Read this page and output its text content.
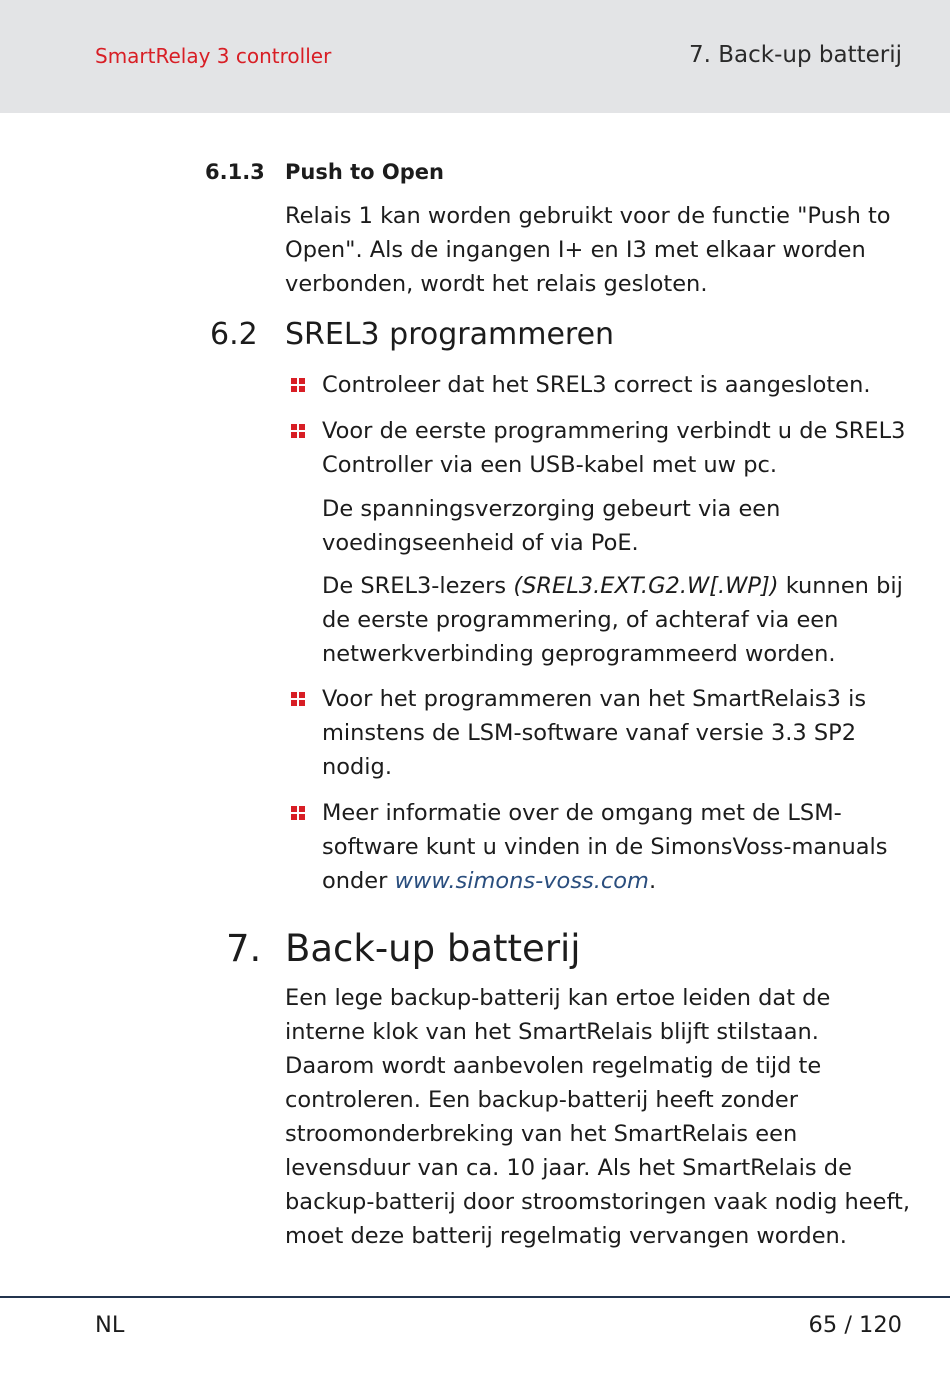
SmartRelay 3 controller	7. Back-up batterij
6.1.3 Push to Open

Relais 1 kan worden gebruikt voor de functie "Push to Open". Als de ingangen I+ en I3 met elkaar worden verbonden, wordt het relais gesloten.

6.2 SREL3 programmeren

Controleer dat het SREL3 correct is aangesloten.

Voor de eerste programmering verbindt u de SREL3 Controller via een USB-kabel met uw pc.

De spanningsverzorging gebeurt via een voedingseenheid of via PoE.

De SREL3-lezers (SREL3.EXT.G2.W[.WP]) kunnen bij de eerste programmering, of achteraf via een netwerkverbinding geprogrammeerd worden.

Voor het programmeren van het SmartRelais3 is minstens de LSM-software vanaf versie 3.3 SP2 nodig.

Meer informatie over de omgang met de LSM-software kunt u vinden in de SimonsVoss-manuals onder www.simons-voss.com.

7. Back-up batterij

Een lege backup-batterij kan ertoe leiden dat de interne klok van het SmartRelais blijft stilstaan. Daarom wordt aanbevolen regelmatig de tijd te controleren. Een backup-batterij heeft zonder stroomonderbreking van het SmartRelais een levensduur van ca. 10 jaar. Als het SmartRelais de backup-batterij door stroomstoringen vaak nodig heeft, moet deze batterij regelmatig vervangen worden.

NL	65 / 120
